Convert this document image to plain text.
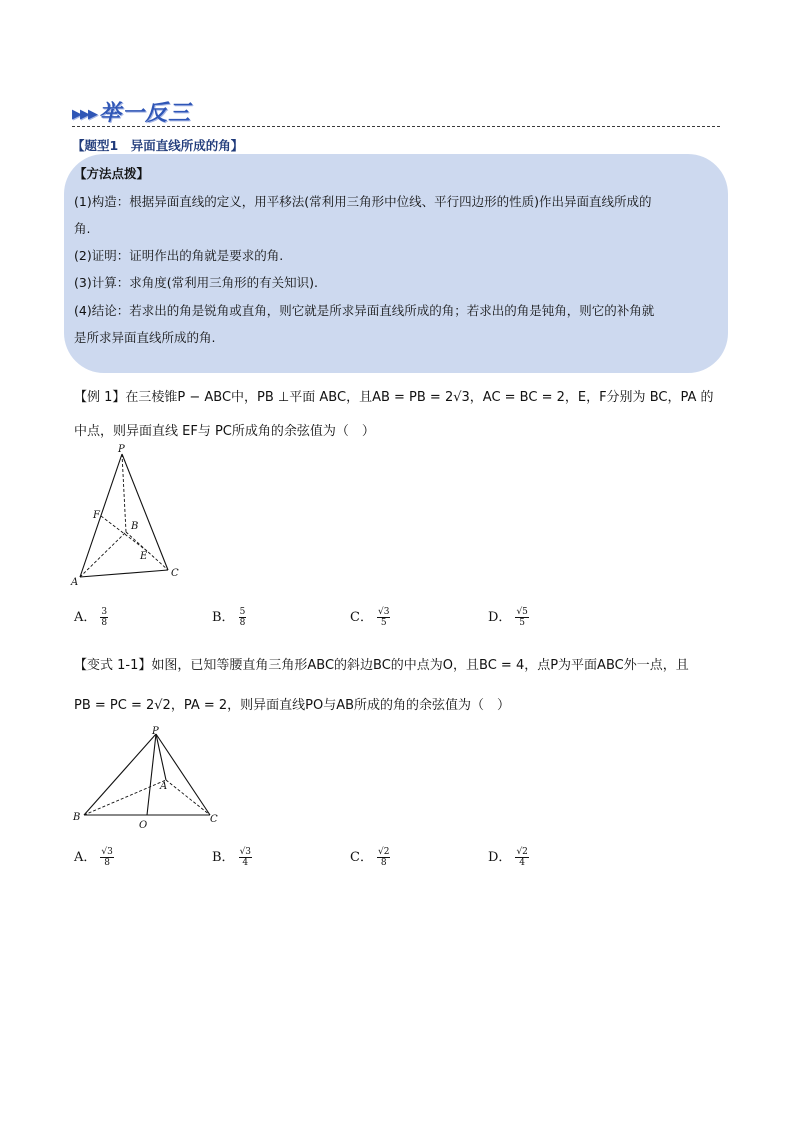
▶▶▶ 举一反三
【题型1　异面直线所成的角】
【方法点拨】
(1)构造：根据异面直线的定义，用平移法(常利用三角形中位线、平行四边形的性质)作出异面直线所成的
角.
(2)证明：证明作出的角就是要求的角.
(3)计算：求角度(常利用三角形的有关知识).
(4)结论：若求出的角是锐角或直角，则它就是所求异面直线所成的角；若求出的角是钝角，则它的补角就
是所求异面直线所成的角.
【例 1】在三棱锥P − ABC中，PB ⊥平面 ABC，且AB = PB = 2√3，AC = BC = 2，E，F分别为 BC，PA 的
中点，则异面直线 EF与 PC所成角的余弦值为（　）
P
F
B
E
A
C
A． $\frac{3}{8}$	B． $\frac{5}{8}$	C． $\frac{√3}{5}$	D． $\frac{√5}{5}$
【变式 1-1】如图，已知等腰直角三角形ABC的斜边BC的中点为O，且BC = 4，点P为平面ABC外一点，且
PB = PC = 2√2，PA = 2，则异面直线PO与AB所成的角的余弦值为（　）
P
A
B
O
C
A． $\frac{√3}{8}$	B． $\frac{√3}{4}$	C． $\frac{√2}{8}$	D． $\frac{√2}{4}$
